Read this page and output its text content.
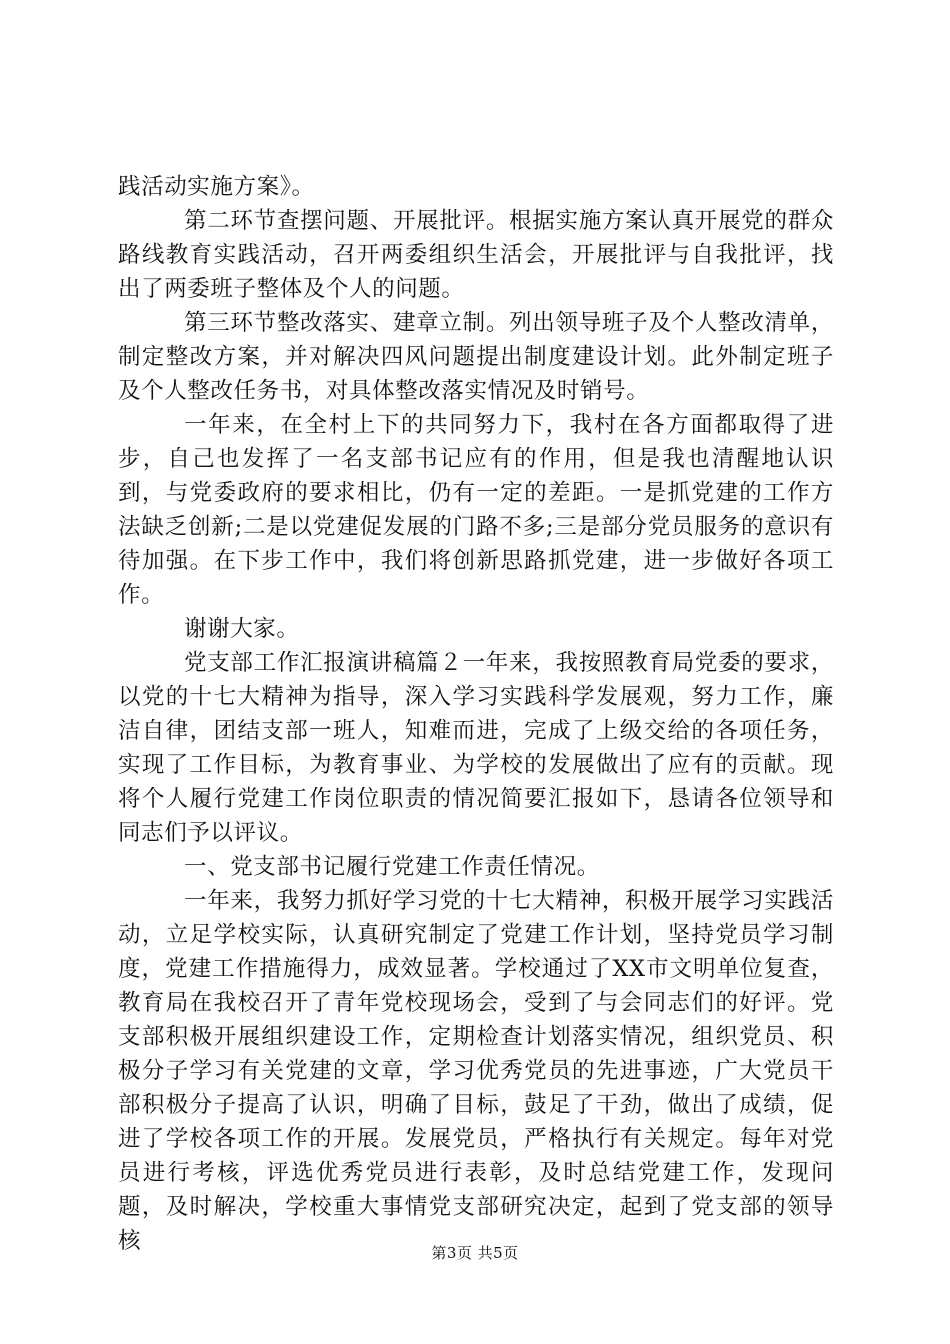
践活动实施方案》。

第二环节查摆问题、开展批评。根据实施方案认真开展党的群众路线教育实践活动，召开两委组织生活会，开展批评与自我批评，找出了两委班子整体及个人的问题。

第三环节整改落实、建章立制。列出领导班子及个人整改清单，制定整改方案，并对解决四风问题提出制度建设计划。此外制定班子及个人整改任务书，对具体整改落实情况及时销号。

一年来，在全村上下的共同努力下，我村在各方面都取得了进步，自己也发挥了一名支部书记应有的作用，但是我也清醒地认识到，与党委政府的要求相比，仍有一定的差距。一是抓党建的工作方法缺乏创新;二是以党建促发展的门路不多;三是部分党员服务的意识有待加强。在下步工作中，我们将创新思路抓党建，进一步做好各项工作。

谢谢大家。

党支部工作汇报演讲稿篇２一年来，我按照教育局党委的要求，以党的十七大精神为指导，深入学习实践科学发展观，努力工作，廉洁自律，团结支部一班人，知难而进，完成了上级交给的各项任务，实现了工作目标，为教育事业、为学校的发展做出了应有的贡献。现将个人履行党建工作岗位职责的情况简要汇报如下，恳请各位领导和同志们予以评议。

一、党支部书记履行党建工作责任情况。

一年来，我努力抓好学习党的十七大精神，积极开展学习实践活动，立足学校实际，认真研究制定了党建工作计划，坚持党员学习制度，党建工作措施得力，成效显著。学校通过了XX市文明单位复查，教育局在我校召开了青年党校现场会，受到了与会同志们的好评。党支部积极开展组织建设工作，定期检查计划落实情况，组织党员、积极分子学习有关党建的文章，学习优秀党员的先进事迹，广大党员干部积极分子提高了认识，明确了目标，鼓足了干劲，做出了成绩，促进了学校各项工作的开展。发展党员，严格执行有关规定。每年对党员进行考核，评选优秀党员进行表彰，及时总结党建工作，发现问题，及时解决，学校重大事情党支部研究决定，起到了党支部的领导核	第3页 共5页
